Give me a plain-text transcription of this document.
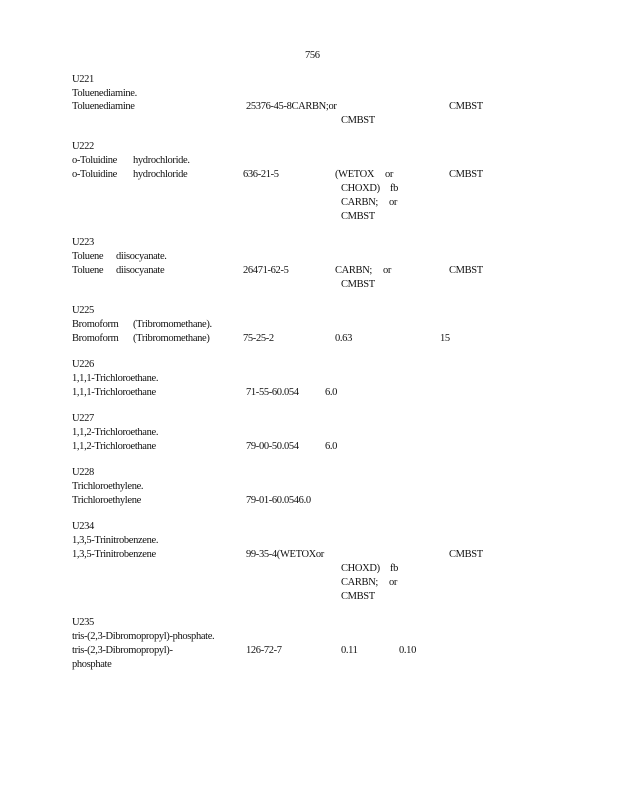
756
U221
Toluenediamine.
Toluenediamine	25376-45-8CARBN;or	CMBST
CMBST
U222
o-Toluidine hydrochloride.
o-Toluidine hydrochloride	636-21-5	(WETOX or	CMBST
CHOXD) fb
CARBN; or
CMBST
U223
Toluene diisocyanate.
Toluene diisocyanate	26471-62-5	CARBN; or	CMBST
CMBST
U225
Bromoform (Tribromomethane).
Bromoform (Tribromomethane)	75-25-2	0.63	15
U226
1,1,1-Trichloroethane.
1,1,1-Trichloroethane	71-55-60.054	6.0
U227
1,1,2-Trichloroethane.
1,1,2-Trichloroethane	79-00-50.054	6.0
U228
Trichloroethylene.
Trichloroethylene	79-01-60.0546.0
U234
1,3,5-Trinitrobenzene.
1,3,5-Trinitrobenzene	99-35-4(WETOXor	CMBST
CHOXD) fb
CARBN; or
CMBST
U235
tris-(2,3-Dibromopropyl)-phosphate.
tris-(2,3-Dibromopropyl)-	126-72-7	0.11	0.10
phosphate
